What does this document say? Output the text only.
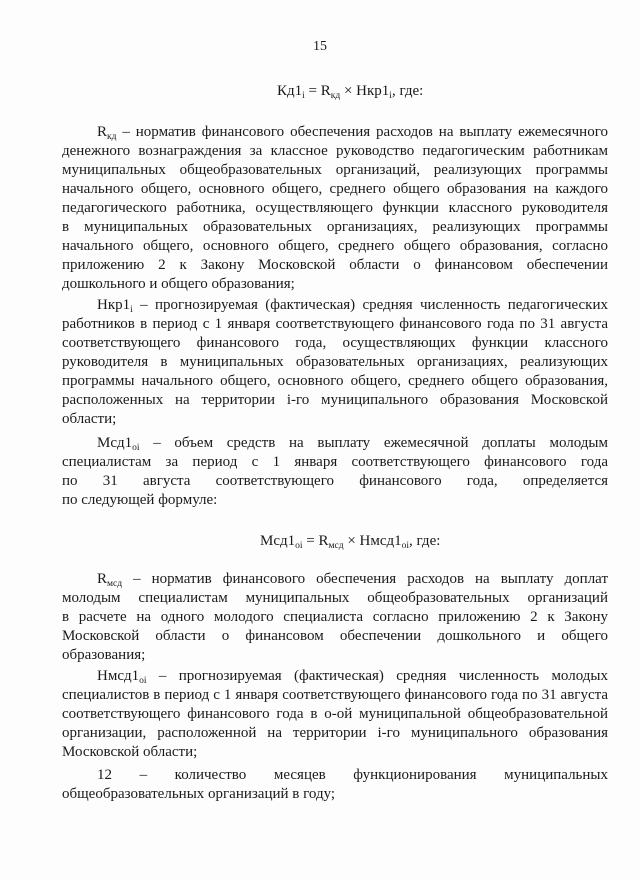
15
$Кд1_i = R_{кд} \times Нкр1_i$, где:
$R_{кд}$ – норматив финансового обеспечения расходов на выплату ежемесячного
денежного вознаграждения за классное руководство педагогическим работникам
муниципальных общеобразовательных организаций, реализующих программы
начального общего, основного общего, среднего общего образования на каждого
педагогического работника, осуществляющего функции классного руководителя
в муниципальных образовательных организациях, реализующих программы
начального общего, основного общего, среднего общего образования, согласно
приложению 2 к Закону Московской области о финансовом обеспечении
дошкольного и общего образования;
$Нкр1_i$ – прогнозируемая (фактическая) средняя численность педагогических
работников в период с 1 января соответствующего финансового года по 31 августа
соответствующего финансового года, осуществляющих функции классного
руководителя в муниципальных образовательных организациях, реализующих
программы начального общего, основного общего, среднего общего образования,
расположенных на территории i-го муниципального образования Московской
области;
$Мсд1_{оi}$ – объем средств на выплату ежемесячной доплаты молодым
специалистам за период с 1 января соответствующего финансового года
по 31 августа соответствующего финансового года, определяется
по следующей формуле:
$Мсд1_{оi} = R_{мсд}$ × $Нмсд1_{оi}$, где:
$R_{мсд}$ – норматив финансового обеспечения расходов на выплату доплат
молодым специалистам муниципальных общеобразовательных организаций
в расчете на одного молодого специалиста согласно приложению 2 к Закону
Московской области о финансовом обеспечении дошкольного и общего
образования;
$Нмсд1_{оi}$ – прогнозируемая (фактическая) средняя численность молодых
специалистов в период с 1 января соответствующего финансового года по 31 августа
соответствующего финансового года в о-ой муниципальной общеобразовательной
организации, расположенной на территории i-го муниципального образования
Московской области;
12 – количество месяцев функционирования муниципальных
общеобразовательных организаций в году;
